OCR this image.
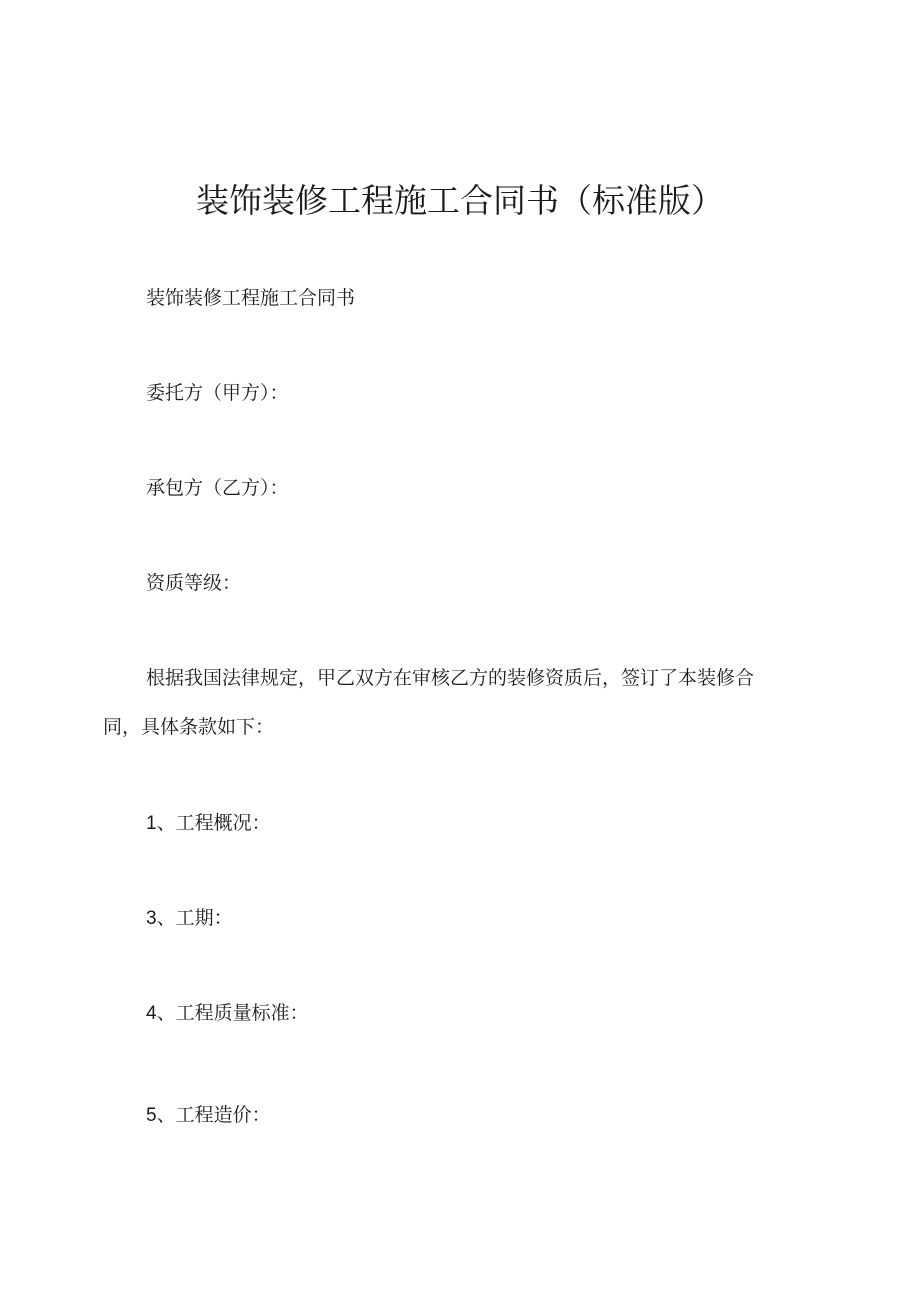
装饰装修工程施工合同书（标准版）

装饰装修工程施工合同书

委托方（甲方）：

承包方（乙方）：

资质等级：

根据我国法律规定，甲乙双方在审核乙方的装修资质后，签订了本装修合

同，具体条款如下：

1、工程概况：

3、工期：

4、工程质量标准：

5、工程造价：
